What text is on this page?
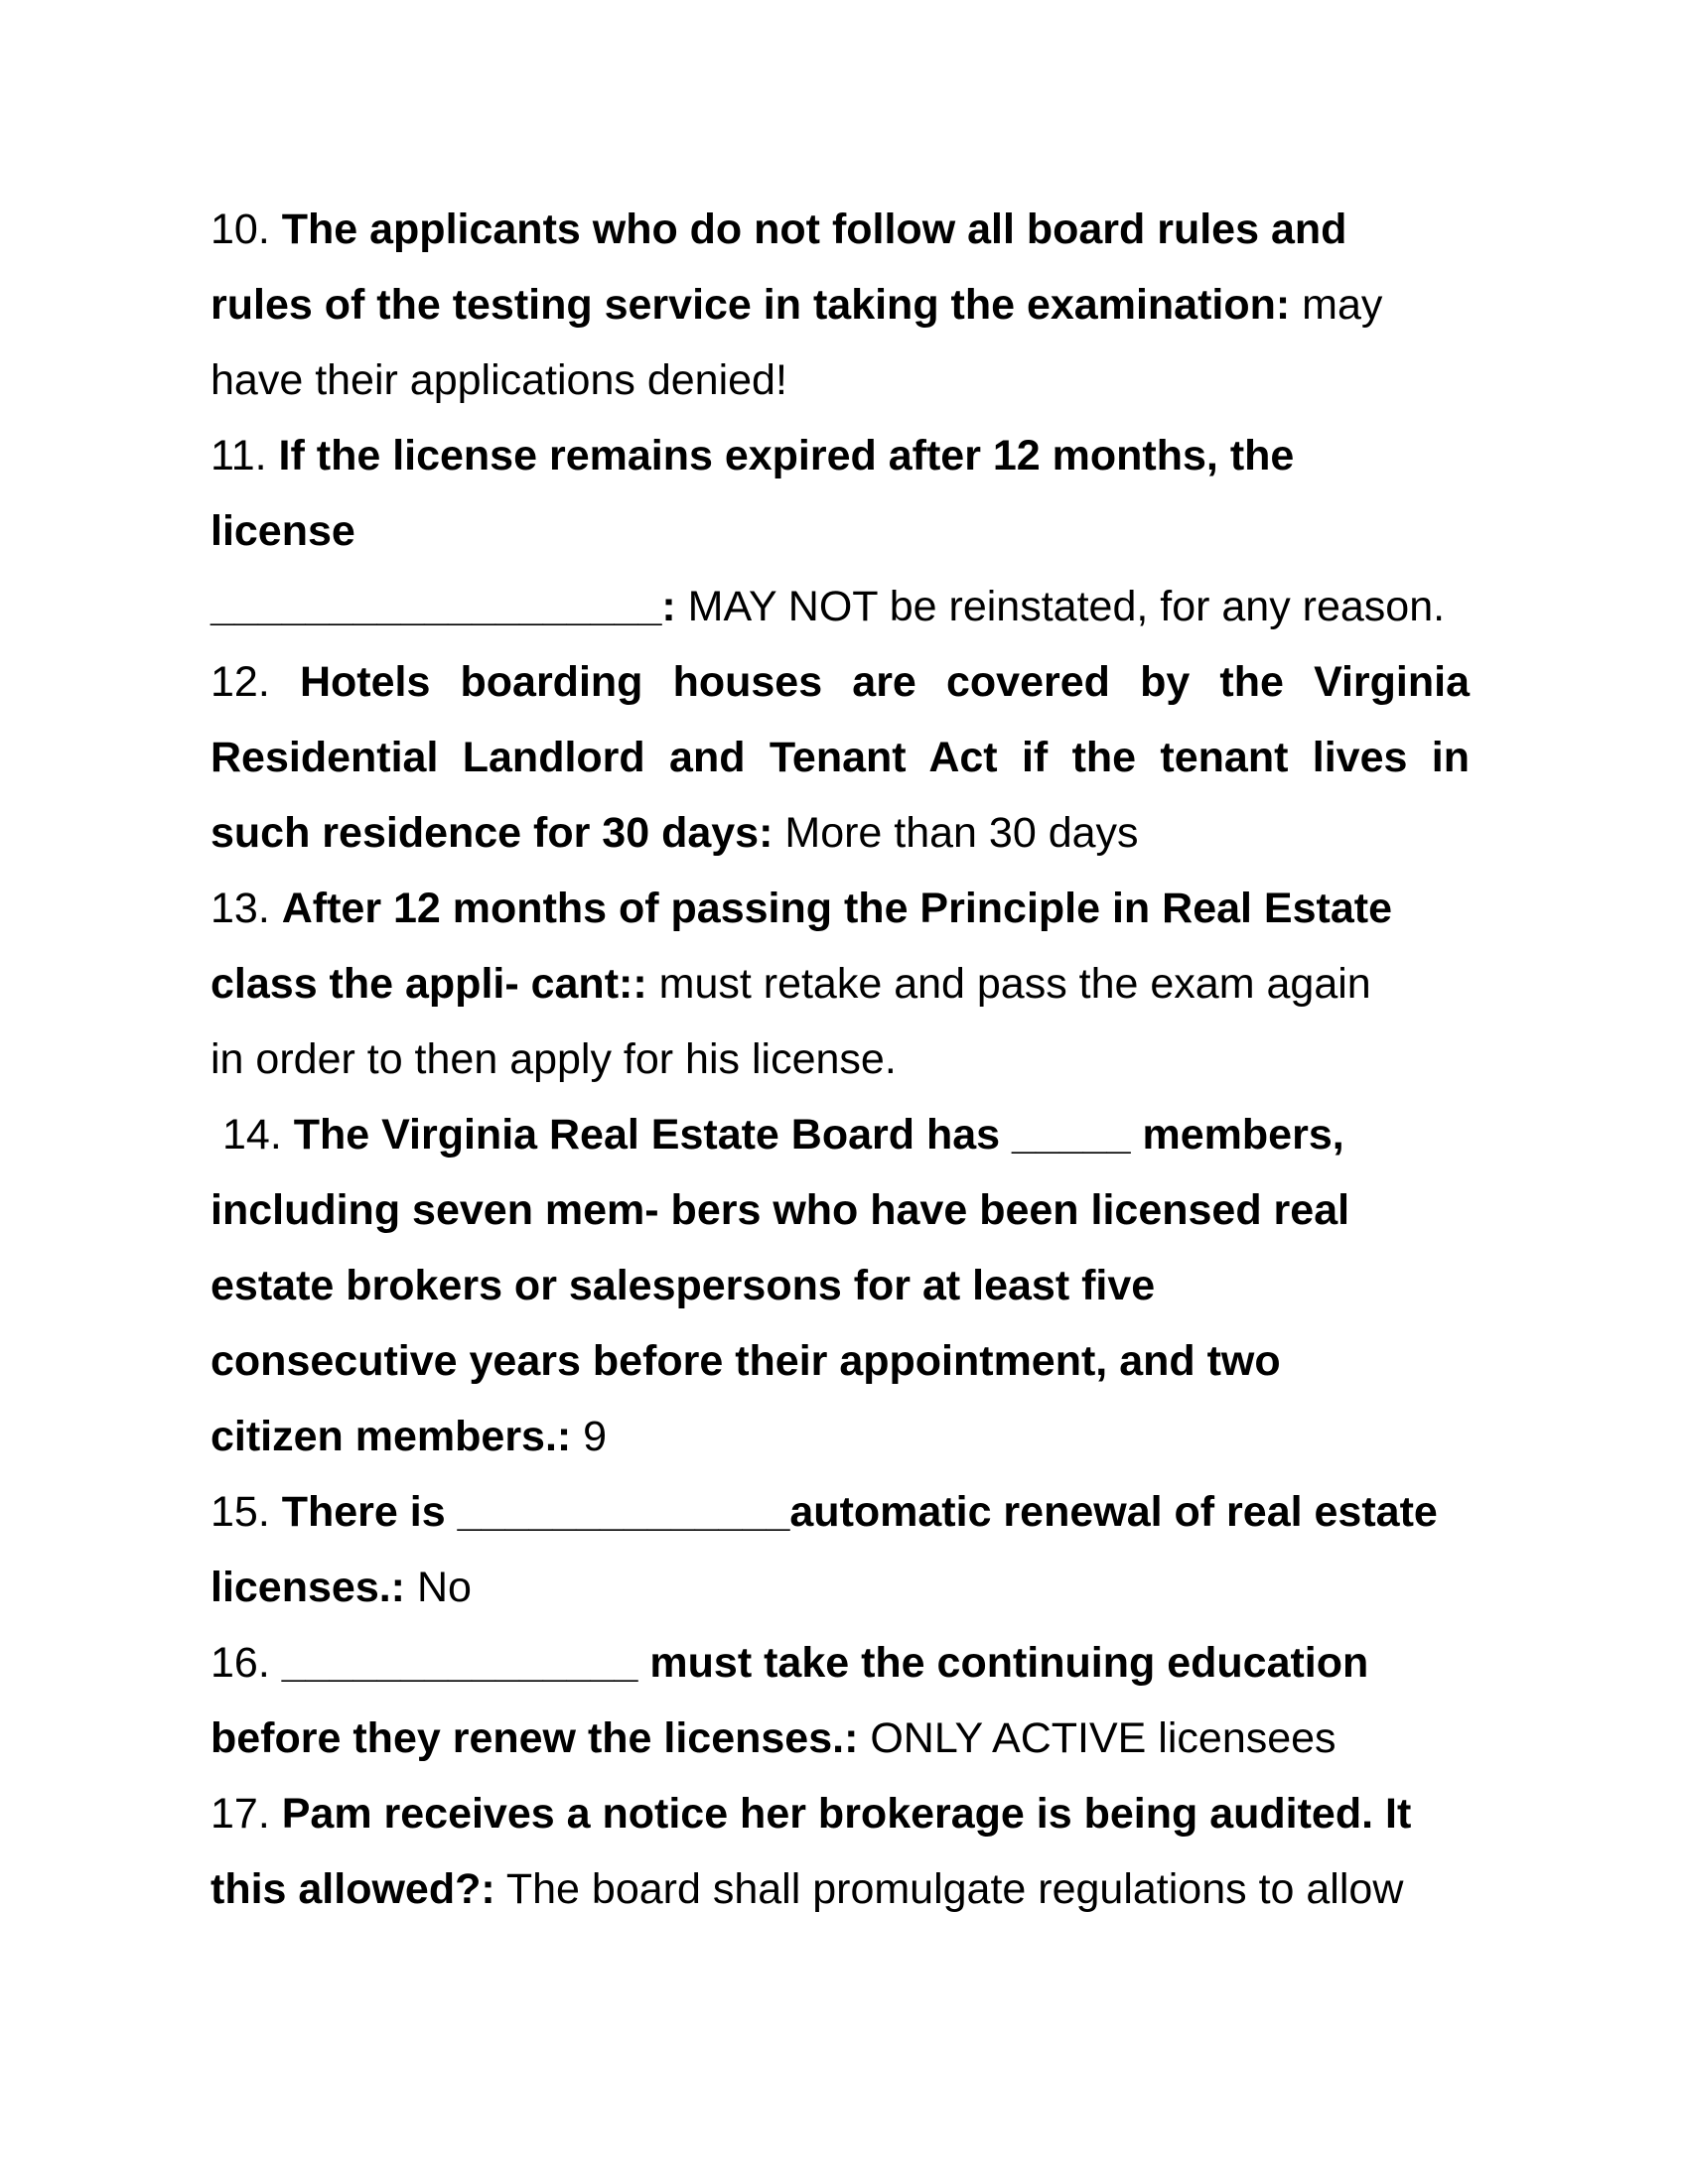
10. The applicants who do not follow all board rules and
rules of the testing service in taking the examination: may
have their applications denied!
11. If the license remains expired after 12 months, the
license
___________________: MAY NOT be reinstated, for any reason.
12. Hotels boarding houses are covered by the Virginia Residential Landlord and Tenant Act if the tenant lives in such residence for 30 days: More than 30 days
13. After 12 months of passing the Principle in Real Estate
class the appli- cant:: must retake and pass the exam again
in order to then apply for his license.
14. The Virginia Real Estate Board has _____ members,
including seven mem- bers who have been licensed real
estate brokers or salespersons for at least five
consecutive years before their appointment, and two
citizen members.: 9
15. There is ______________automatic renewal of real estate
licenses.: No
16. _______________ must take the continuing education
before they renew the licenses.: ONLY ACTIVE licensees
17. Pam receives a notice her brokerage is being audited. It
this allowed?: The board shall promulgate regulations to allow
